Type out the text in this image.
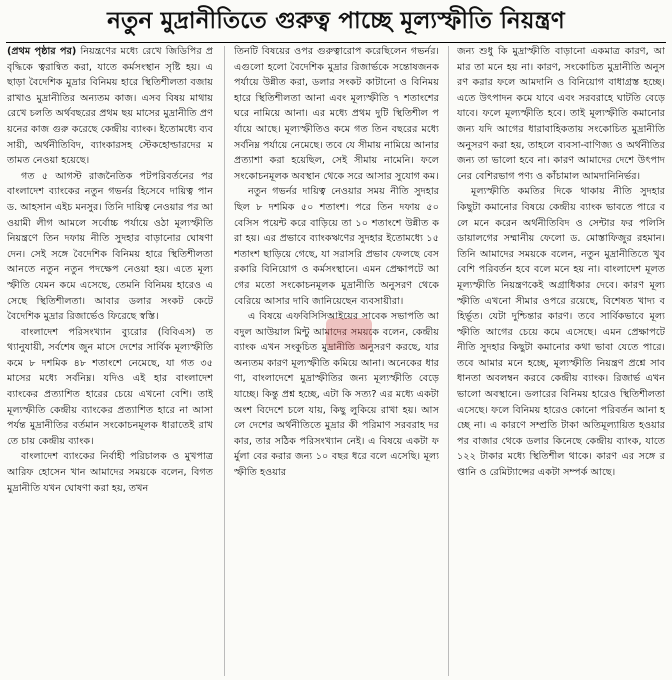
নতুন মুদ্রানীতিতে গুরুত্ব পাচ্ছে মূল্যস্ফীতি নিয়ন্ত্রণ

(প্রথম পৃষ্ঠার পর) নিয়ন্ত্রণের মধ্যে রেখে জিডিপির প্রবৃদ্ধিকে ত্বরান্বিত করা, যাতে কর্মসংস্থান সৃষ্টি হয়। এ ছাড়া বৈদেশিক মুদ্রার বিনিময় হারে স্থিতিশীলতা বজায় রাখাও মুদ্রানীতির অন্যতম কাজ। এসব বিষয় মাথায় রেখে চলতি অর্থবছরের প্রথম ছয় মাসের মুদ্রানীতি প্রণয়নের কাজ গুরু করেছে কেন্দ্রীয় ব্যাংক। ইতোমধ্যে ব্যবসায়ী, অর্থনীতিবিদ, ব্যাংকারসহ স্টেকহোল্ডারদের মতামত নেওয়া হয়েছে।

গত ৫ আগস্ট রাজনৈতিক পটপরিবর্তনের পর বাংলাদেশ ব্যাংকের নতুন গভর্নর হিসেবে দায়িত্ব পান ড. আহসান এইচ মনসুর। তিনি দায়িত্ব নেওয়ার পর আওয়ামী লীগ আমলে সর্বোচ্চ পর্যায়ে ওঠা মূল্যস্ফীতি নিয়ন্ত্রণে তিন দফায় নীতি সুদহার বাড়ানোর ঘোষণা দেন। সেই সঙ্গে বৈদেশিক বিনিময় হারে স্থিতিশীলতা আনতে নতুন নতুন পদক্ষেপ নেওয়া হয়। এতে মূল্যস্ফীতি যেমন কমে এসেছে, তেমনি বিনিময় হারেও এসেছে স্থিতিশীলতা। আবার ডলার সংকট কেটে বৈদেশিক মুদ্রার রিজার্ভেও ফিরেছে স্বস্তি।

বাংলাদেশ পরিসংখ্যান ব্যুরোর (বিবিএস) তথ্যানুযায়ী, সর্বশেষ জুন মাসে দেশের সার্বিক মূল্যস্ফীতি কমে ৮ দশমিক ৪৮ শতাংশে নেমেছে, যা গত ৩৫ মাসের মধ্যে সর্বনিম্ন। যদিও এই হার বাংলাদেশ ব্যাংকের প্রত্যাশিত হারের চেয়ে এখনো বেশি। তাই মূল্যস্ফীতি কেন্দ্রীয় ব্যাংকের প্রত্যাশিত হারে না আসা পর্যন্ত মুদ্রানীতির বর্তমান সংকোচনমূলক ধারাতেই রাখতে চায় কেন্দ্রীয় ব্যাংক।

বাংলাদেশ ব্যাংকের নির্বাহী পরিচালক ও মুখপাত্র আরিফ হোসেন খান আমাদের সময়কে বলেন, বিগত মুদ্রানীতি যখন ঘোষণা করা হয়, তখন

তিনটি বিষয়ের ওপর গুরুত্বারোপ করেছিলেন গভর্নর। এগুলো হলো বৈদেশিক মুদ্রার রিজার্ভকে সন্তোষজনক পর্যায়ে উন্নীত করা, ডলার সংকট কাটানো ও বিনিময় হারে স্থিতিশীলতা আনা এবং মূল্যস্ফীতি ৭ শতাংশের ঘরে নামিয়ে আনা। এর মধ্যে প্রথম দুটি স্থিতিশীল পর্যায়ে আছে। মূল্যস্ফীতিও কমে গত তিন বছরের মধ্যে সর্বনিম্ন পর্যায়ে নেমেছে। তবে যে সীমায় নামিয়ে আনার প্রত্যাশা করা হয়েছিল, সেই সীমায় নামেনি। ফলে সংকোচনমূলক অবস্থান থেকে সরে আসার সুযোগ কম।

নতুন গভর্নর দায়িত্ব নেওয়ার সময় নীতি সুদহার ছিল ৮ দশমিক ৫০ শতাংশ। পরে তিন দফায় ৫০ বেসিস পয়েন্ট করে বাড়িয়ে তা ১০ শতাংশে উন্নীত করা হয়। এর প্রভাবে ব্যাংকঋণের সুদহার ইতোমধ্যে ১৫ শতাংশ ছাড়িয়ে গেছে, যা সরাসরি প্রভাব ফেলছে বেসরকারি বিনিয়োগ ও কর্মসংস্থানে। এমন প্রেক্ষাপটে আগের মতো সংকোচনমূলক মুদ্রানীতি অনুসরণ থেকে বেরিয়ে আসার দাবি জানিয়েছেন ব্যবসায়ীরা।

এ বিষয়ে এফবিসিসিআইয়ের সাবেক সভাপতি আবদুল আউয়াল মিন্টু আমাদের সময়কে বলেন, কেন্দ্রীয় ব্যাংক এখন সংকুচিত মুদ্রানীতি অনুসরণ করছে, যার অন্যতম কারণ মূল্যস্ফীতি কমিয়ে আনা। অনেকের ধারণা, বাংলাদেশে মুদ্রাস্ফীতির জন্য মূল্যস্ফীতি বেড়ে যাচ্ছে। কিন্তু প্রশ্ন হচ্ছে, এটা কি সত্য? এর মধ্যে একটা অংশ বিদেশে চলে যায়, কিছু লুকিয়ে রাখা হয়। আসলে দেশের অর্থনীতিতে মুদ্রার কী পরিমাণ সরবরাহ দরকার, তার সঠিক পরিসংখ্যান নেই। এ বিষয়ে একটা ফর্মুলা বের করার জন্য ১০ বছর ধরে বলে এসেছি। মূল্যস্ফীতি হওয়ার

জন্য শুধু কি মুদ্রাস্ফীতি বাড়ানো একমাত্র কারণ, আমার তা মনে হয় না। কারণ, সংকোচিত মুদ্রানীতি অনুসরণ করার ফলে আমদানি ও বিনিয়োগ বাধাগ্রস্ত হচ্ছে। এতে উৎপাদন কমে যাবে এবং সরবরাহে ঘাটতি বেড়ে যাবে। ফলে মূল্যস্ফীতি হবে। তাই মূল্যস্ফীতি কমানোর জন্য যদি আগের ধারাবাহিকতায় সংকোচিত মুদ্রানীতি অনুসরণ করা হয়, তাহলে ব্যবসা-বাণিজ্য ও অর্থনীতির জন্য তা ভালো হবে না। কারণ আমাদের দেশে উৎপাদনের বেশিরভাগ পণ্য ও কাঁচামাল আমদানিনির্ভর।

মূল্যস্ফীতি কমতির দিকে থাকায় নীতি সুদহার কিছুটা কমানোর বিষয়ে কেন্দ্রীয় ব্যাংক ভাবতে পারে বলে মনে করেন অর্থনীতিবিদ ও সেন্টার ফর পলিসি ডায়ালগের সম্মানীয় ফেলো ড. মোস্তাফিজুর রহমান। তিনি আমাদের সময়কে বলেন, নতুন মুদ্রানীতিতে খুব বেশি পরিবর্তন হবে বলে মনে হয় না। বাংলাদেশ মূলত মূল্যস্ফীতি নিয়ন্ত্রণকেই অগ্রাধিকার দেবে। কারণ মূল্যস্ফীতি এখনো সীমার ওপরে রয়েছে, বিশেষত খাদ্য বহির্ভূত। যেটা দুশ্চিন্তার কারণ। তবে সার্বিকভাবে মূল্যস্ফীতি আগের চেয়ে কমে এসেছে। এমন প্রেক্ষাপটে নীতি সুদহার কিছুটা কমানোর কথা ভাবা যেতে পারে। তবে আমার মনে হচ্ছে, মূল্যস্ফীতি নিয়ন্ত্রণ প্রশ্নে সাবধানতা অবলম্বন করবে কেন্দ্রীয় ব্যাংক। রিজার্ভ এখন ভালো অবস্থানে। ডলারের বিনিময় হারেও স্থিতিশীলতা এসেছে। ফলে বিনিময় হারেও কোনো পরিবর্তন আনা হচ্ছে না। এ কারণে সম্প্রতি টাকা অতিমূল্যায়িত হওয়ার পর বাজার থেকে ডলার কিনেছে কেন্দ্রীয় ব্যাংক, যাতে ১২২ টাকার মধ্যে স্থিতিশীল থাকে। কারণ এর সঙ্গে রপ্তানি ও রেমিট্যান্সের একটা সম্পর্ক আছে।
